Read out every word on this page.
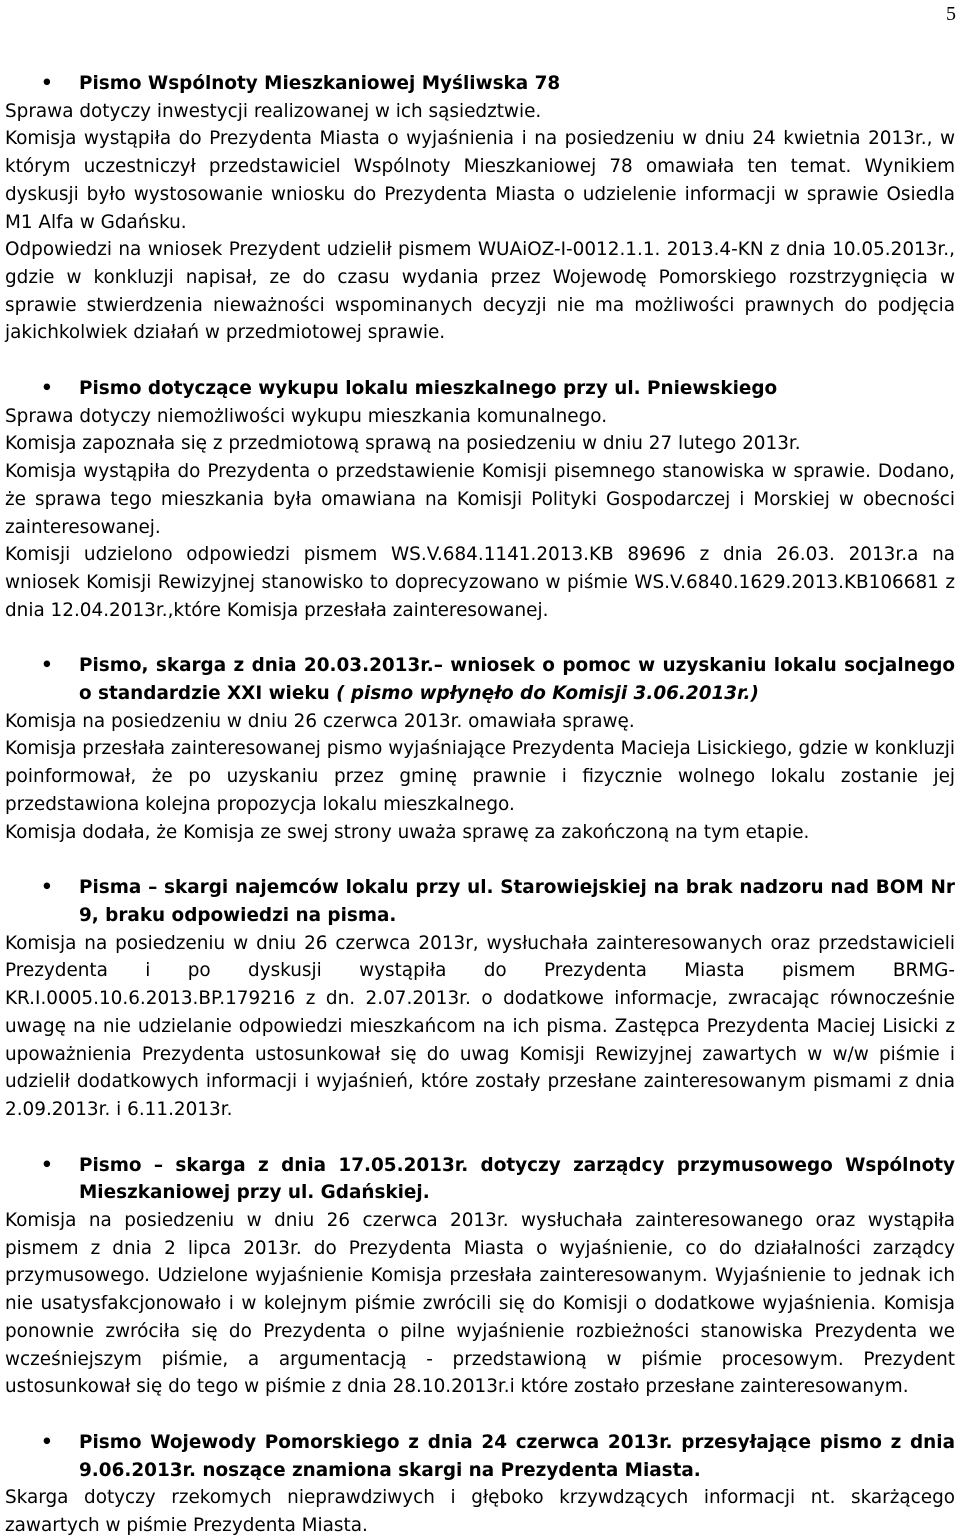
5
•	Pismo Wspólnoty Mieszkaniowej Myśliwska 78

Sprawa dotyczy inwestycji realizowanej w ich sąsiedztwie.

Komisja wystąpiła do Prezydenta Miasta o wyjaśnienia i na posiedzeniu w dniu 24 kwietnia 2013r., w którym uczestniczył przedstawiciel Wspólnoty Mieszkaniowej 78 omawiała ten temat. Wynikiem dyskusji było wystosowanie wniosku do Prezydenta Miasta o udzielenie informacji w sprawie Osiedla M1 Alfa w Gdańsku.

Odpowiedzi na wniosek Prezydent udzielił pismem WUAiOZ-I-0012.1.1. 2013.4-KN z dnia 10.05.2013r., gdzie w konkluzji napisał, ze do czasu wydania przez Wojewodę Pomorskiego rozstrzygnięcia w sprawie stwierdzenia nieważności wspominanych decyzji nie ma możliwości prawnych do podjęcia jakichkolwiek działań w przedmiotowej sprawie.

•	Pismo dotyczące wykupu lokalu mieszkalnego przy ul. Pniewskiego

Sprawa dotyczy niemożliwości wykupu mieszkania komunalnego.

Komisja zapoznała się z przedmiotową sprawą na posiedzeniu w dniu 27 lutego 2013r.

Komisja wystąpiła do Prezydenta o przedstawienie Komisji pisemnego stanowiska w sprawie. Dodano, że sprawa tego mieszkania była omawiana na Komisji Polityki Gospodarczej i Morskiej w obecności zainteresowanej.

Komisji udzielono odpowiedzi pismem WS.V.684.1141.2013.KB 89696 z dnia 26.03. 2013r.a na wniosek Komisji Rewizyjnej stanowisko to doprecyzowano w piśmie WS.V.6840.1629.2013.KB106681 z dnia 12.04.2013r.,które Komisja przesłała zainteresowanej.

•	Pismo, skarga z dnia 20.03.2013r.– wniosek o pomoc w uzyskaniu lokalu socjalnego o standardzie XXI wieku ( pismo wpłynęło do Komisji 3.06.2013r.)

Komisja na posiedzeniu w dniu 26 czerwca 2013r. omawiała sprawę.

Komisja przesłała zainteresowanej pismo wyjaśniające Prezydenta Macieja Lisickiego, gdzie w konkluzji poinformował, że po uzyskaniu przez gminę prawnie i fizycznie wolnego lokalu zostanie jej przedstawiona kolejna propozycja lokalu mieszkalnego.

Komisja dodała, że Komisja ze swej strony uważa sprawę za zakończoną na tym etapie.

•	Pisma – skargi najemców lokalu przy ul. Starowiejskiej na brak nadzoru nad BOM Nr 9, braku odpowiedzi na pisma.

Komisja na posiedzeniu w dniu 26 czerwca 2013r, wysłuchała zainteresowanych oraz przedstawicieli Prezydenta i po dyskusji wystąpiła do Prezydenta Miasta pismem BRMG-KR.I.0005.10.6.2013.BP.179216 z dn. 2.07.2013r. o dodatkowe informacje, zwracając równocześnie uwagę na nie udzielanie odpowiedzi mieszkańcom na ich pisma. Zastępca Prezydenta Maciej Lisicki z upoważnienia Prezydenta ustosunkował się do uwag Komisji Rewizyjnej zawartych w w/w piśmie i udzielił dodatkowych informacji i wyjaśnień, które zostały przesłane zainteresowanym pismami z dnia 2.09.2013r. i 6.11.2013r.

•	Pismo – skarga z dnia 17.05.2013r. dotyczy zarządcy przymusowego Wspólnoty Mieszkaniowej przy ul. Gdańskiej.

Komisja na posiedzeniu w dniu 26 czerwca 2013r. wysłuchała zainteresowanego oraz wystąpiła pismem z dnia 2 lipca 2013r. do Prezydenta Miasta o wyjaśnienie, co do działalności zarządcy przymusowego. Udzielone wyjaśnienie Komisja przesłała zainteresowanym. Wyjaśnienie to jednak ich nie usatysfakcjonowało i w kolejnym piśmie zwrócili się do Komisji o dodatkowe wyjaśnienia. Komisja ponownie zwróciła się do Prezydenta o pilne wyjaśnienie rozbieżności stanowiska Prezydenta we wcześniejszym piśmie, a argumentacją - przedstawioną w piśmie procesowym. Prezydent ustosunkował się do tego w piśmie z dnia 28.10.2013r.i które zostało przesłane zainteresowanym.

•	Pismo Wojewody Pomorskiego z dnia 24 czerwca 2013r. przesyłające pismo z dnia 9.06.2013r. noszące znamiona skargi na Prezydenta Miasta.

Skarga dotyczy rzekomych nieprawdziwych i głęboko krzywdzących informacji nt. skarżącego zawartych w piśmie Prezydenta Miasta.
